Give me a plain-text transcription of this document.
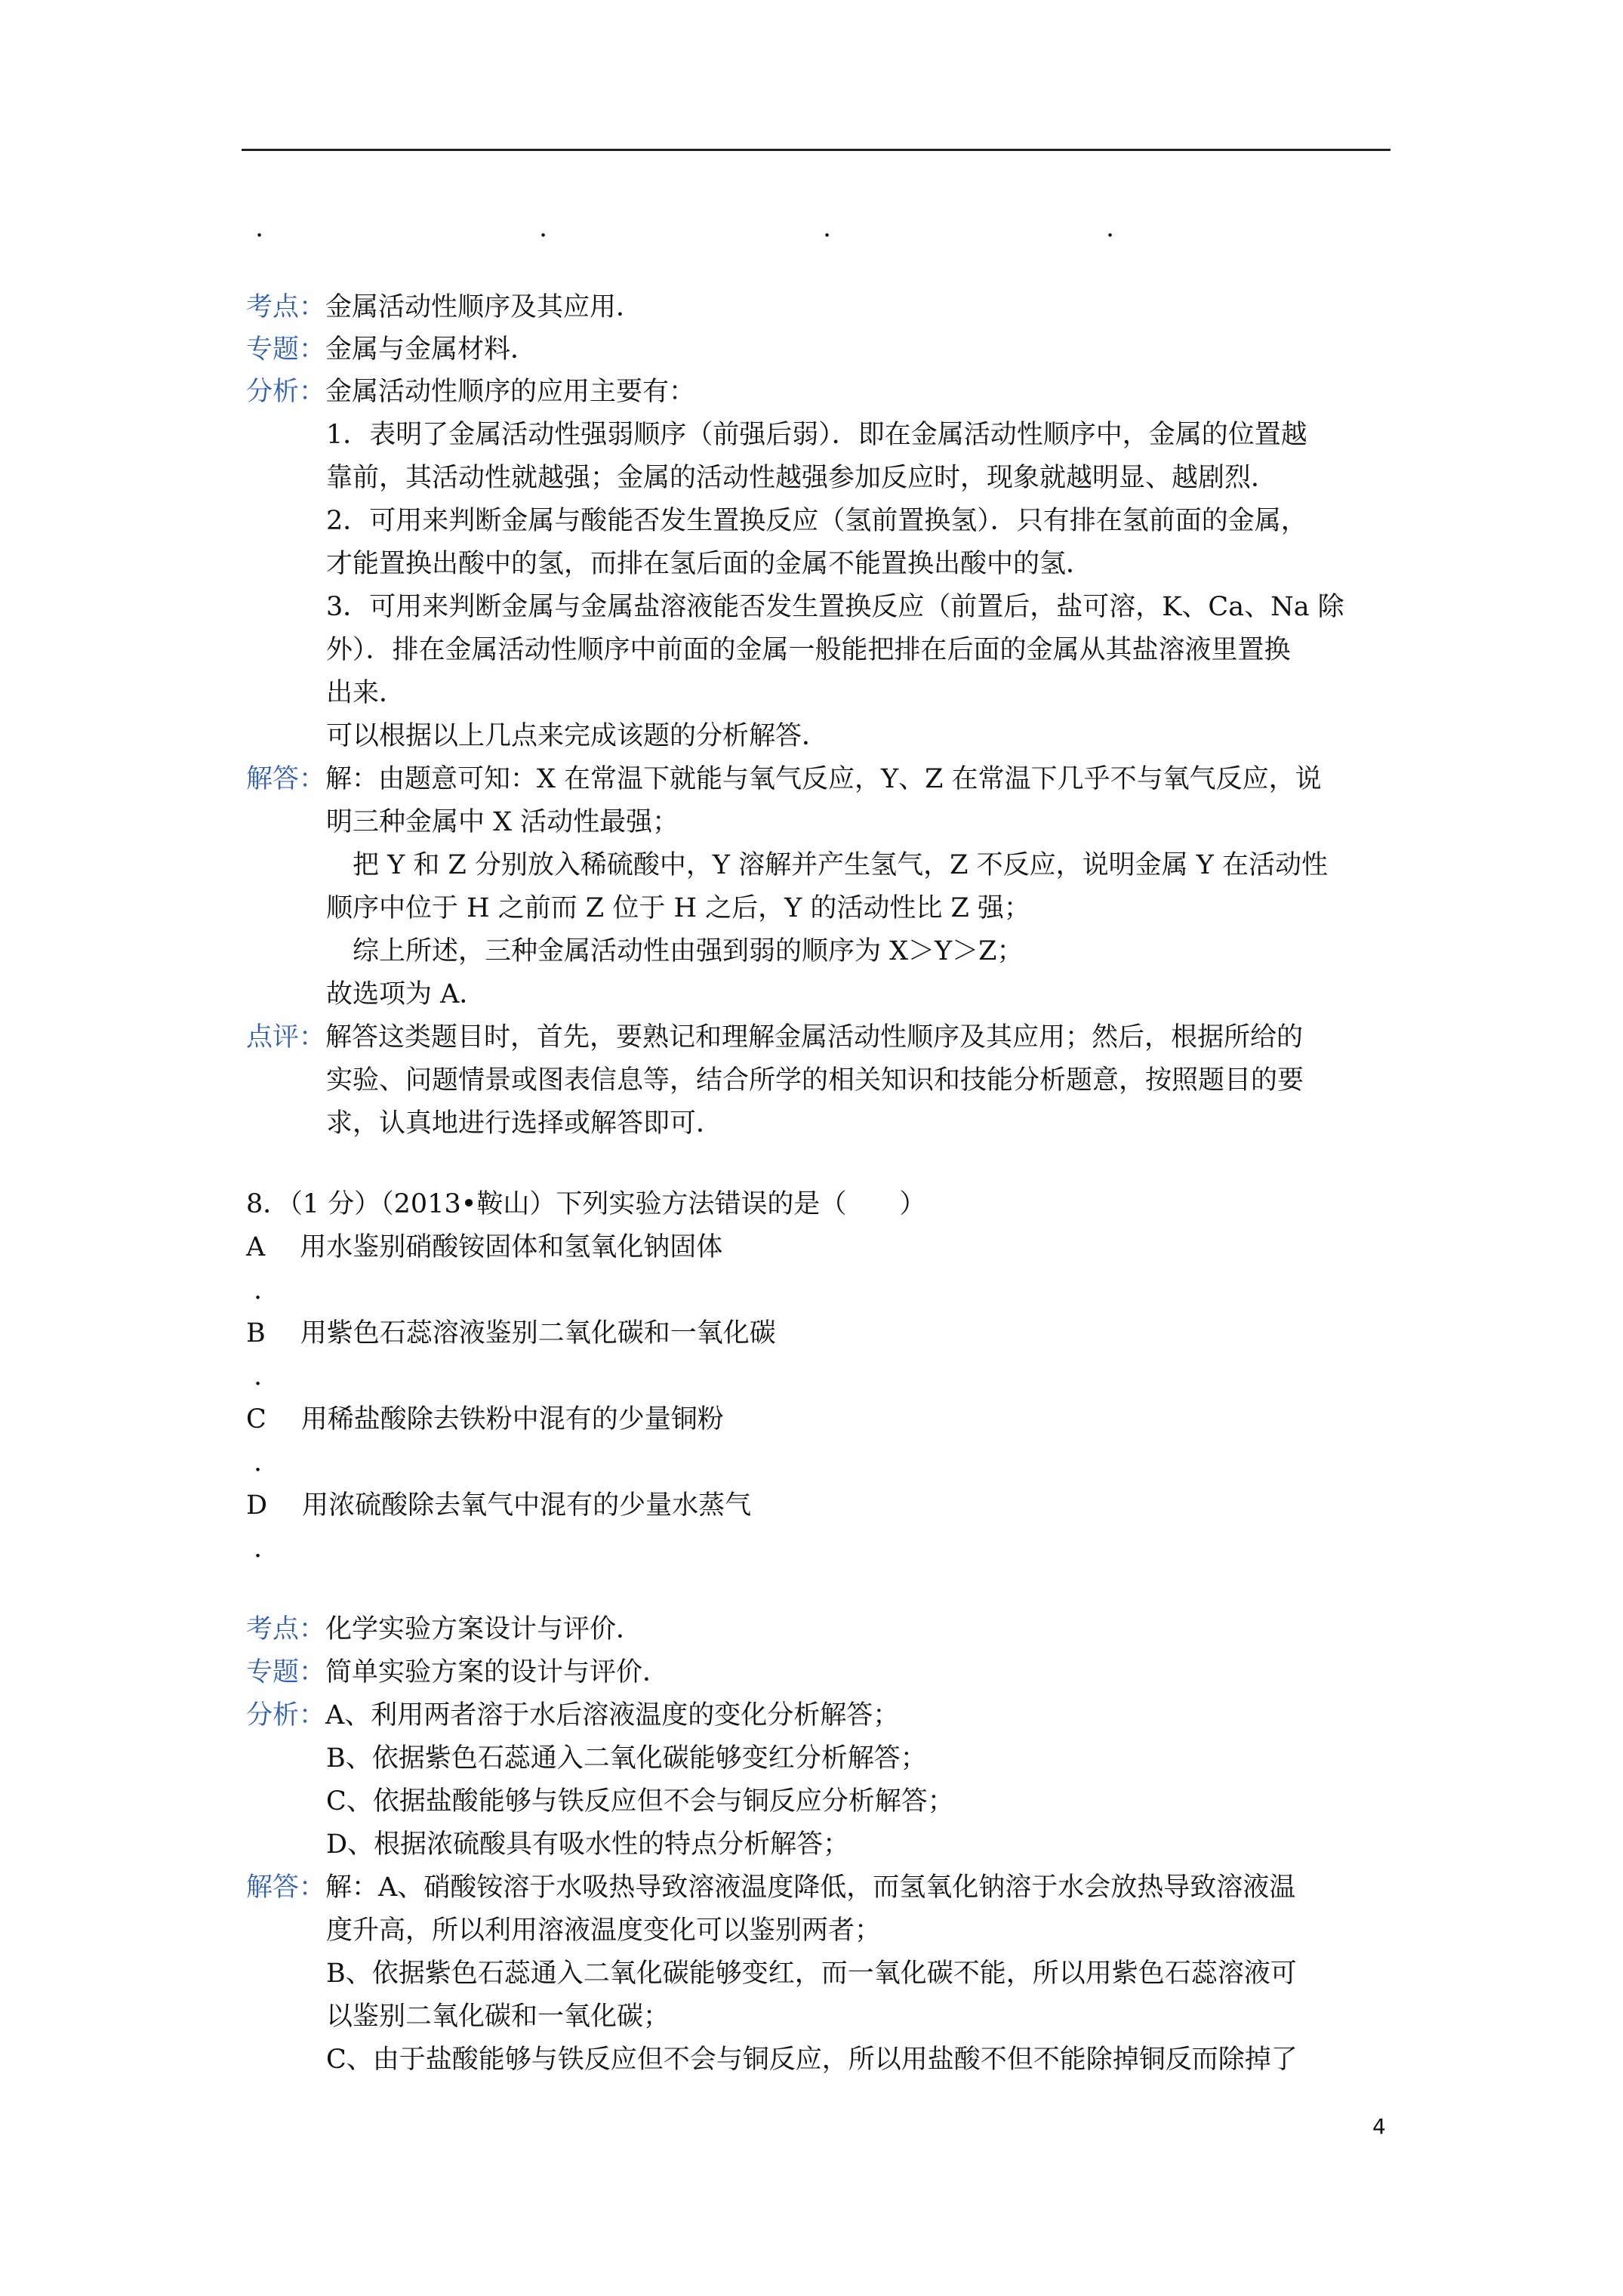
.	.	.	.
考点：金属活动性顺序及其应用．
专题：金属与金属材料．
分析：金属活动性顺序的应用主要有：
1．表明了金属活动性强弱顺序（前强后弱）．即在金属活动性顺序中，金属的位置越
靠前，其活动性就越强；金属的活动性越强参加反应时，现象就越明显、越剧烈．
2．可用来判断金属与酸能否发生置换反应（氢前置换氢）．只有排在氢前面的金属，
才能置换出酸中的氢，而排在氢后面的金属不能置换出酸中的氢．
3．可用来判断金属与金属盐溶液能否发生置换反应（前置后，盐可溶，K、Ca、Na 除
外）．排在金属活动性顺序中前面的金属一般能把排在后面的金属从其盐溶液里置换
出来．
可以根据以上几点来完成该题的分析解答．
解答：解：由题意可知：X 在常温下就能与氧气反应，Y、Z 在常温下几乎不与氧气反应，说
明三种金属中 X 活动性最强；
把 Y 和 Z 分别放入稀硫酸中，Y 溶解并产生氢气，Z 不反应，说明金属 Y 在活动性
顺序中位于 H 之前而 Z 位于 H 之后，Y 的活动性比 Z 强；
综上所述，三种金属活动性由强到弱的顺序为 X＞Y＞Z；
故选项为 A．
点评：解答这类题目时，首先，要熟记和理解金属活动性顺序及其应用；然后，根据所给的
实验、问题情景或图表信息等，结合所学的相关知识和技能分析题意，按照题目的要
求，认真地进行选择或解答即可．
8．（1 分）（2013•鞍山）下列实验方法错误的是（　　）
A 用水鉴别硝酸铵固体和氢氧化钠固体
.
B 用紫色石蕊溶液鉴别二氧化碳和一氧化碳
.
C 用稀盐酸除去铁粉中混有的少量铜粉
.
D 用浓硫酸除去氧气中混有的少量水蒸气
.
考点：化学实验方案设计与评价．
专题：简单实验方案的设计与评价．
分析：A、利用两者溶于水后溶液温度的变化分析解答；
B、依据紫色石蕊通入二氧化碳能够变红分析解答；
C、依据盐酸能够与铁反应但不会与铜反应分析解答；
D、根据浓硫酸具有吸水性的特点分析解答；
解答：解：A、硝酸铵溶于水吸热导致溶液温度降低，而氢氧化钠溶于水会放热导致溶液温
度升高，所以利用溶液温度变化可以鉴别两者；
B、依据紫色石蕊通入二氧化碳能够变红，而一氧化碳不能，所以用紫色石蕊溶液可
以鉴别二氧化碳和一氧化碳；
C、由于盐酸能够与铁反应但不会与铜反应，所以用盐酸不但不能除掉铜反而除掉了
4
